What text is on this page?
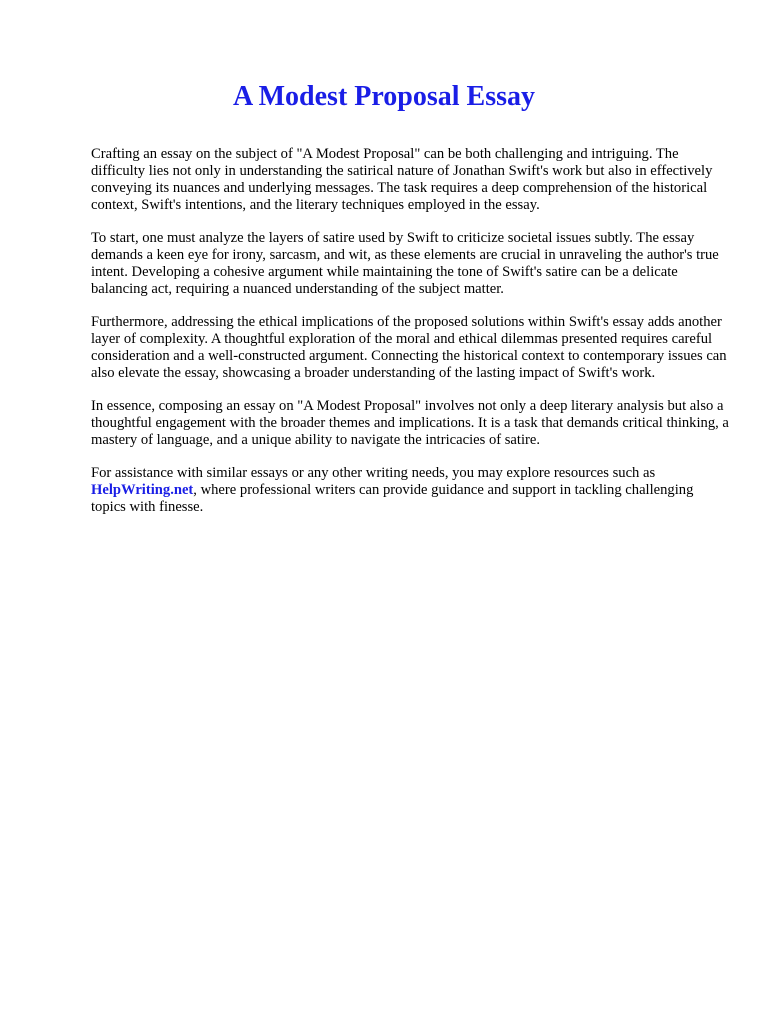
A Modest Proposal Essay

Crafting an essay on the subject of "A Modest Proposal" can be both challenging and intriguing. The difficulty lies not only in understanding the satirical nature of Jonathan Swift's work but also in effectively conveying its nuances and underlying messages. The task requires a deep comprehension of the historical context, Swift's intentions, and the literary techniques employed in the essay.

To start, one must analyze the layers of satire used by Swift to criticize societal issues subtly. The essay demands a keen eye for irony, sarcasm, and wit, as these elements are crucial in unraveling the author's true intent. Developing a cohesive argument while maintaining the tone of Swift's satire can be a delicate balancing act, requiring a nuanced understanding of the subject matter.

Furthermore, addressing the ethical implications of the proposed solutions within Swift's essay adds another layer of complexity. A thoughtful exploration of the moral and ethical dilemmas presented requires careful consideration and a well-constructed argument. Connecting the historical context to contemporary issues can also elevate the essay, showcasing a broader understanding of the lasting impact of Swift's work.

In essence, composing an essay on "A Modest Proposal" involves not only a deep literary analysis but also a thoughtful engagement with the broader themes and implications. It is a task that demands critical thinking, a mastery of language, and a unique ability to navigate the intricacies of satire.

For assistance with similar essays or any other writing needs, you may explore resources such as HelpWriting.net, where professional writers can provide guidance and support in tackling challenging topics with finesse.
